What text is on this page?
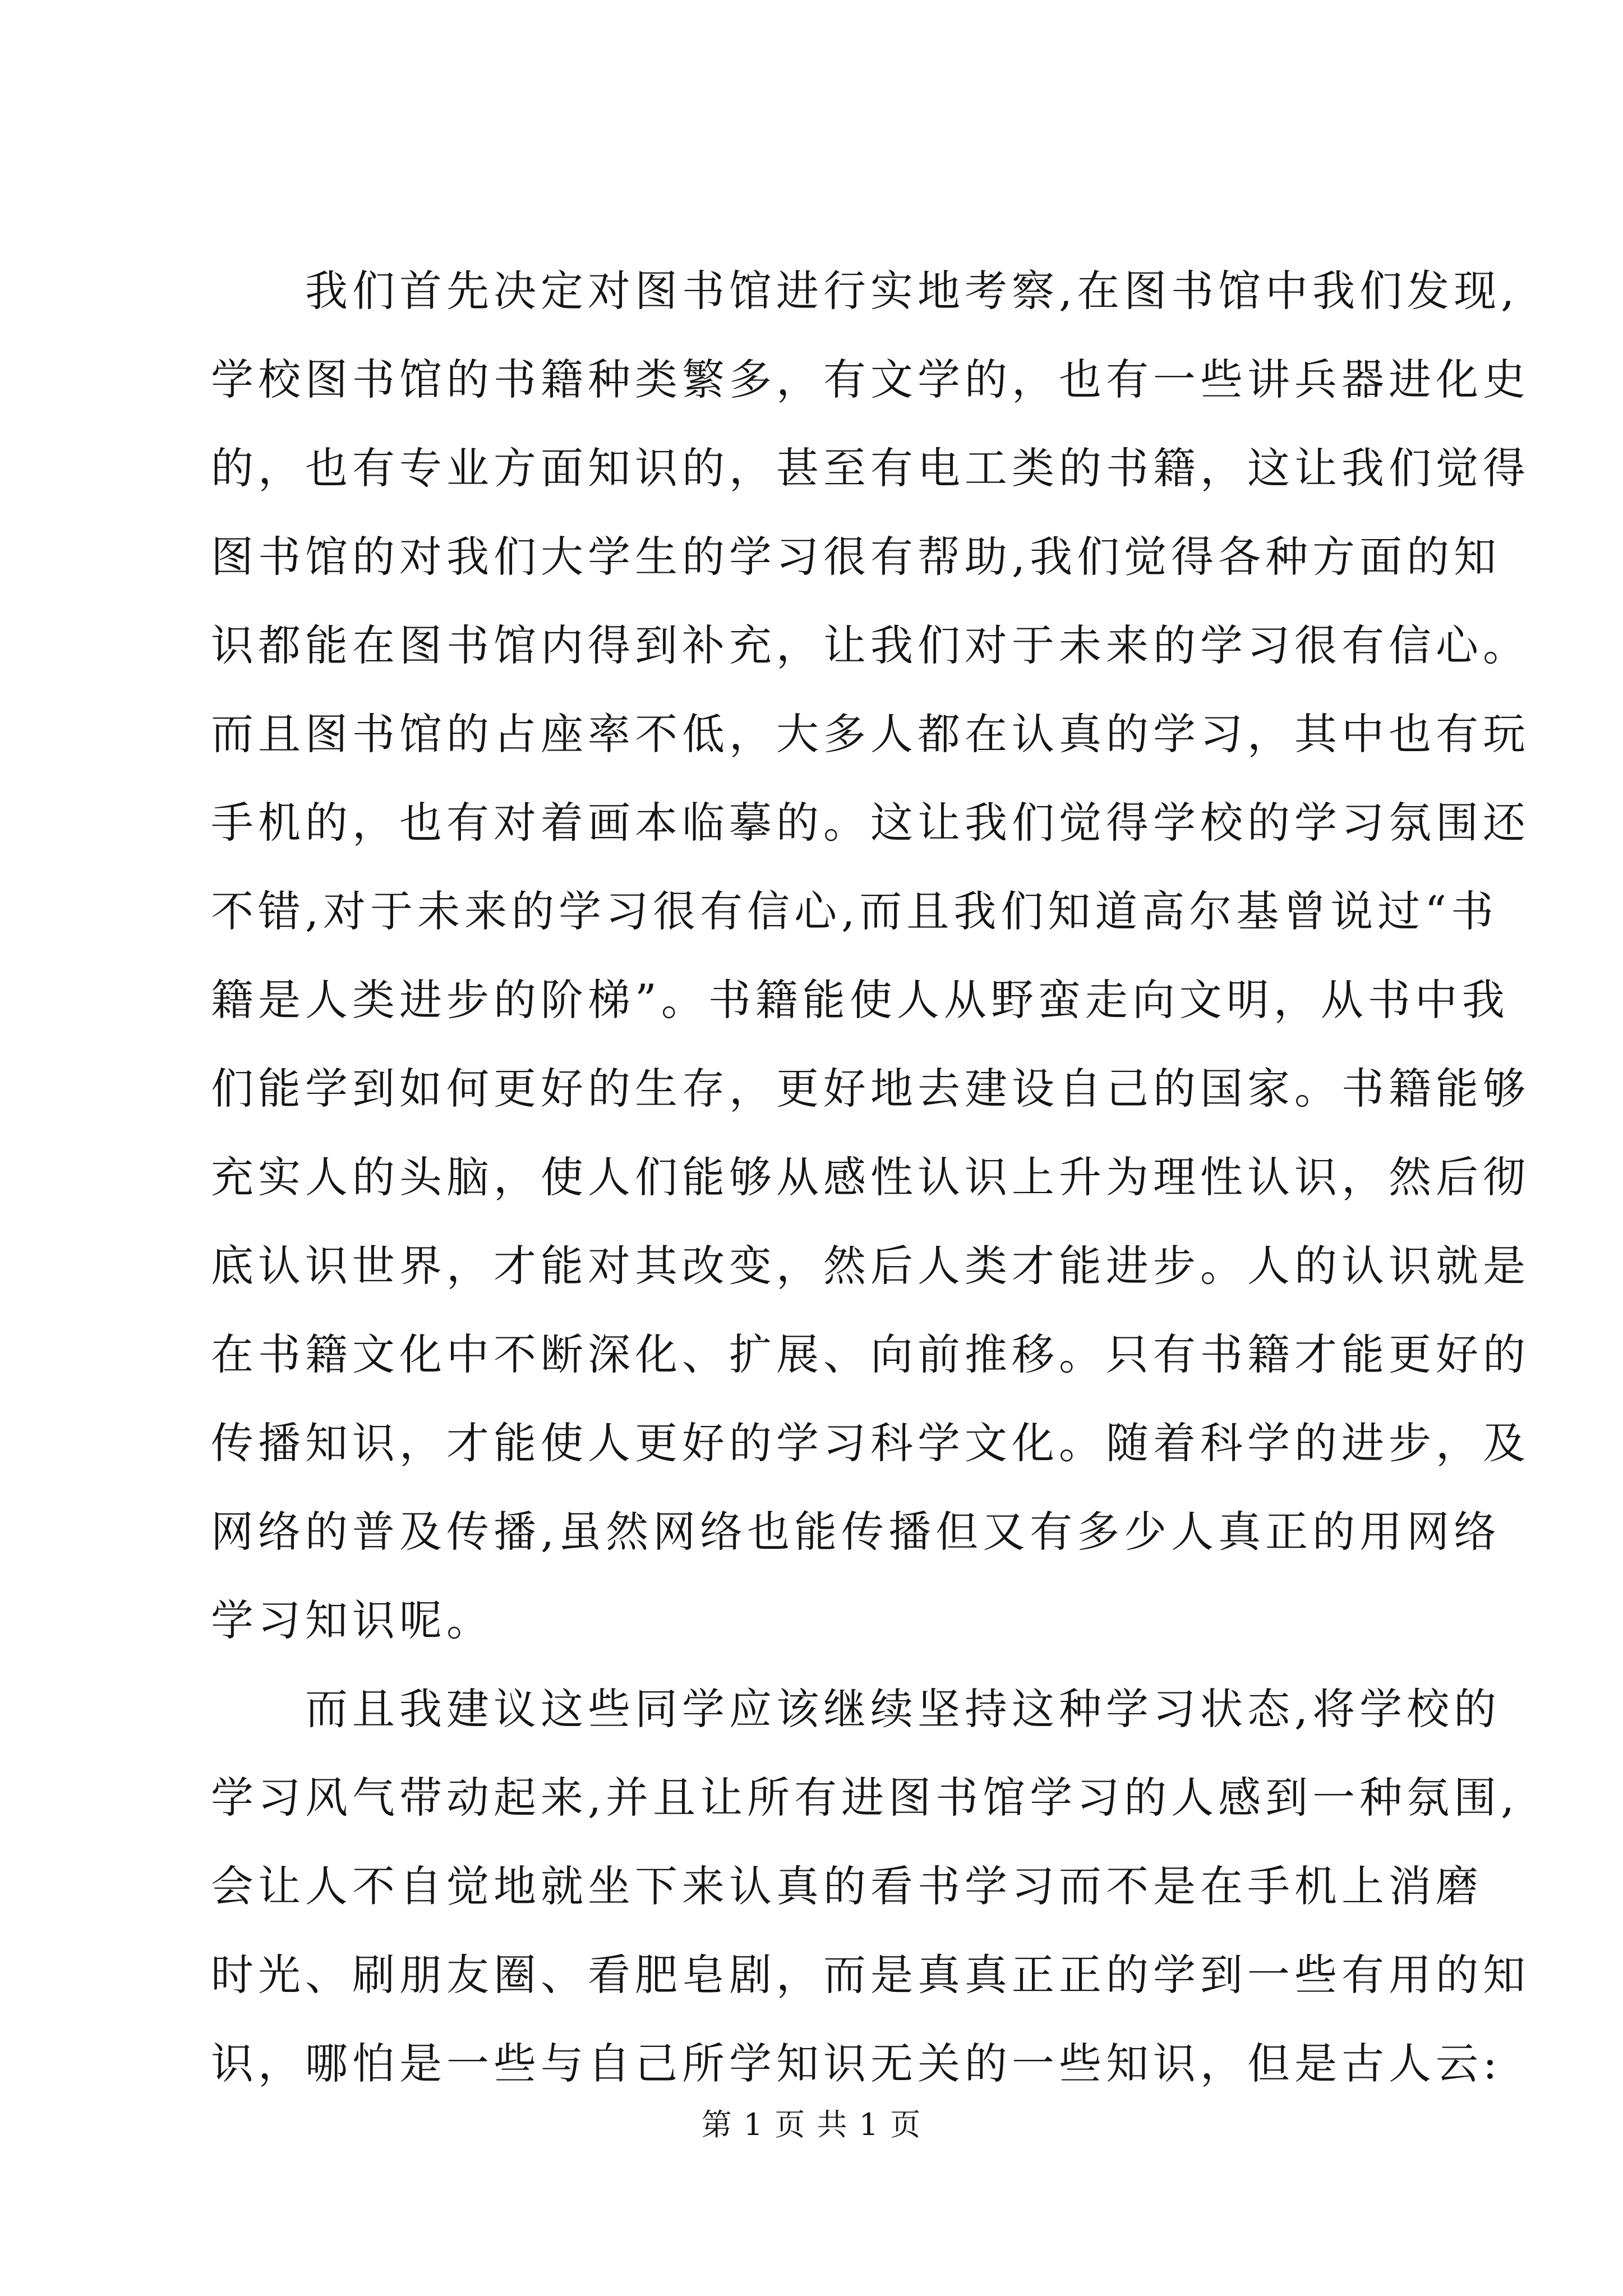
　　我们首先决定对图书馆进行实地考察,在图书馆中我们发现,
学校图书馆的书籍种类繁多，有文学的，也有一些讲兵器进化史
的，也有专业方面知识的，甚至有电工类的书籍，这让我们觉得
图书馆的对我们大学生的学习很有帮助,我们觉得各种方面的知
识都能在图书馆内得到补充，让我们对于未来的学习很有信心。
而且图书馆的占座率不低，大多人都在认真的学习，其中也有玩
手机的，也有对着画本临摹的。这让我们觉得学校的学习氛围还
不错,对于未来的学习很有信心,而且我们知道高尔基曾说过“书
籍是人类进步的阶梯”。书籍能使人从野蛮走向文明，从书中我
们能学到如何更好的生存，更好地去建设自己的国家。书籍能够
充实人的头脑，使人们能够从感性认识上升为理性认识，然后彻
底认识世界，才能对其改变，然后人类才能进步。人的认识就是
在书籍文化中不断深化、扩展、向前推移。只有书籍才能更好的
传播知识，才能使人更好的学习科学文化。随着科学的进步，及
网络的普及传播,虽然网络也能传播但又有多少人真正的用网络
学习知识呢。
　　而且我建议这些同学应该继续坚持这种学习状态,将学校的
学习风气带动起来,并且让所有进图书馆学习的人感到一种氛围,
会让人不自觉地就坐下来认真的看书学习而不是在手机上消磨
时光、刷朋友圈、看肥皂剧，而是真真正正的学到一些有用的知
识，哪怕是一些与自己所学知识无关的一些知识，但是古人云:
第 1 页 共 1 页
